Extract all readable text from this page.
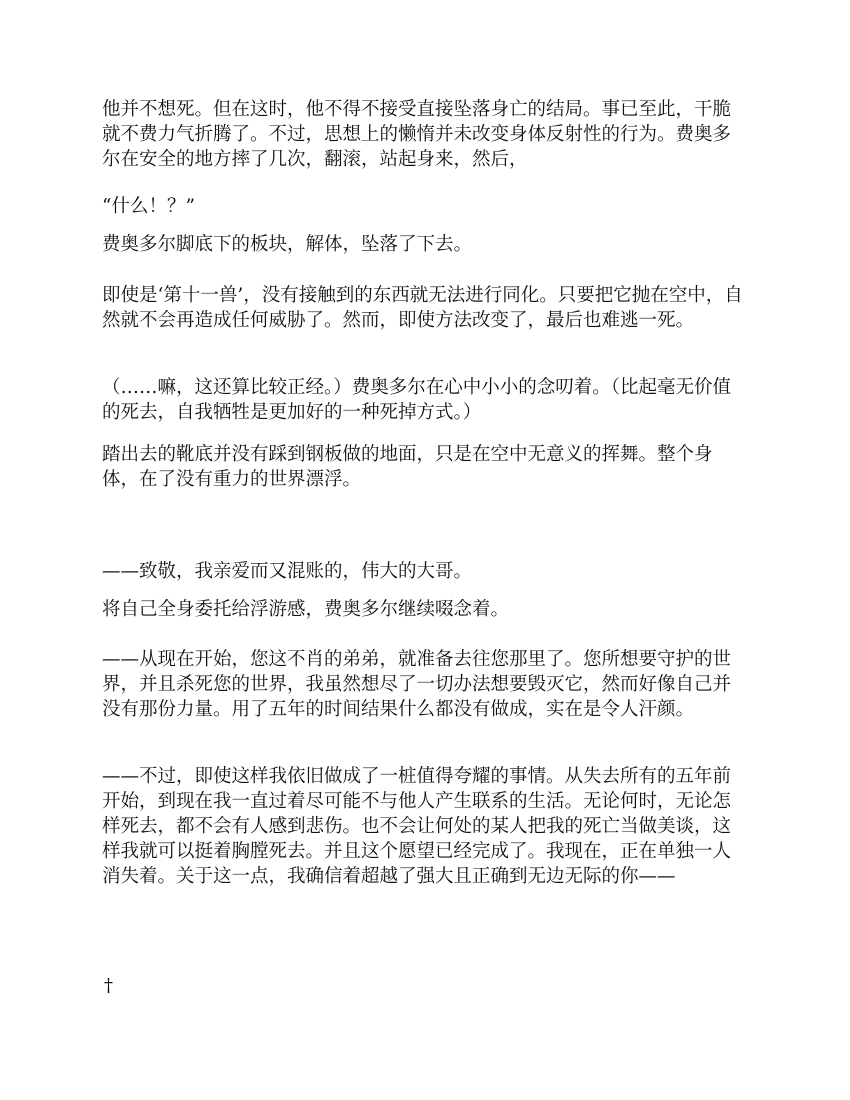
他并不想死。但在这时，他不得不接受直接坠落身亡的结局。事已至此，干脆就不费力气折腾了。不过，思想上的懒惰并未改变身体反射性的行为。费奥多尔在安全的地方摔了几次，翻滚，站起身来，然后，

“什么！？”

费奥多尔脚底下的板块，解体，坠落了下去。

即使是‘第十一兽’，没有接触到的东西就无法进行同化。只要把它抛在空中，自然就不会再造成任何威胁了。然而，即使方法改变了，最后也难逃一死。

（……嘛，这还算比较正经。）费奥多尔在心中小小的念叨着。（比起毫无价值的死去，自我牺牲是更加好的一种死掉方式。）

踏出去的靴底并没有踩到钢板做的地面，只是在空中无意义的挥舞。整个身体，在了没有重力的世界漂浮。

——致敬，我亲爱而又混账的，伟大的大哥。

将自己全身委托给浮游感，费奥多尔继续啜念着。

——从现在开始，您这不肖的弟弟，就准备去往您那里了。您所想要守护的世界，并且杀死您的世界，我虽然想尽了一切办法想要毁灭它，然而好像自己并没有那份力量。用了五年的时间结果什么都没有做成，实在是令人汗颜。

——不过，即使这样我依旧做成了一桩值得夸耀的事情。从失去所有的五年前开始，到现在我一直过着尽可能不与他人产生联系的生活。无论何时，无论怎样死去，都不会有人感到悲伤。也不会让何处的某人把我的死亡当做美谈，这样我就可以挺着胸膛死去。并且这个愿望已经完成了。我现在，正在单独一人消失着。关于这一点，我确信着超越了强大且正确到无边无际的你——

†
